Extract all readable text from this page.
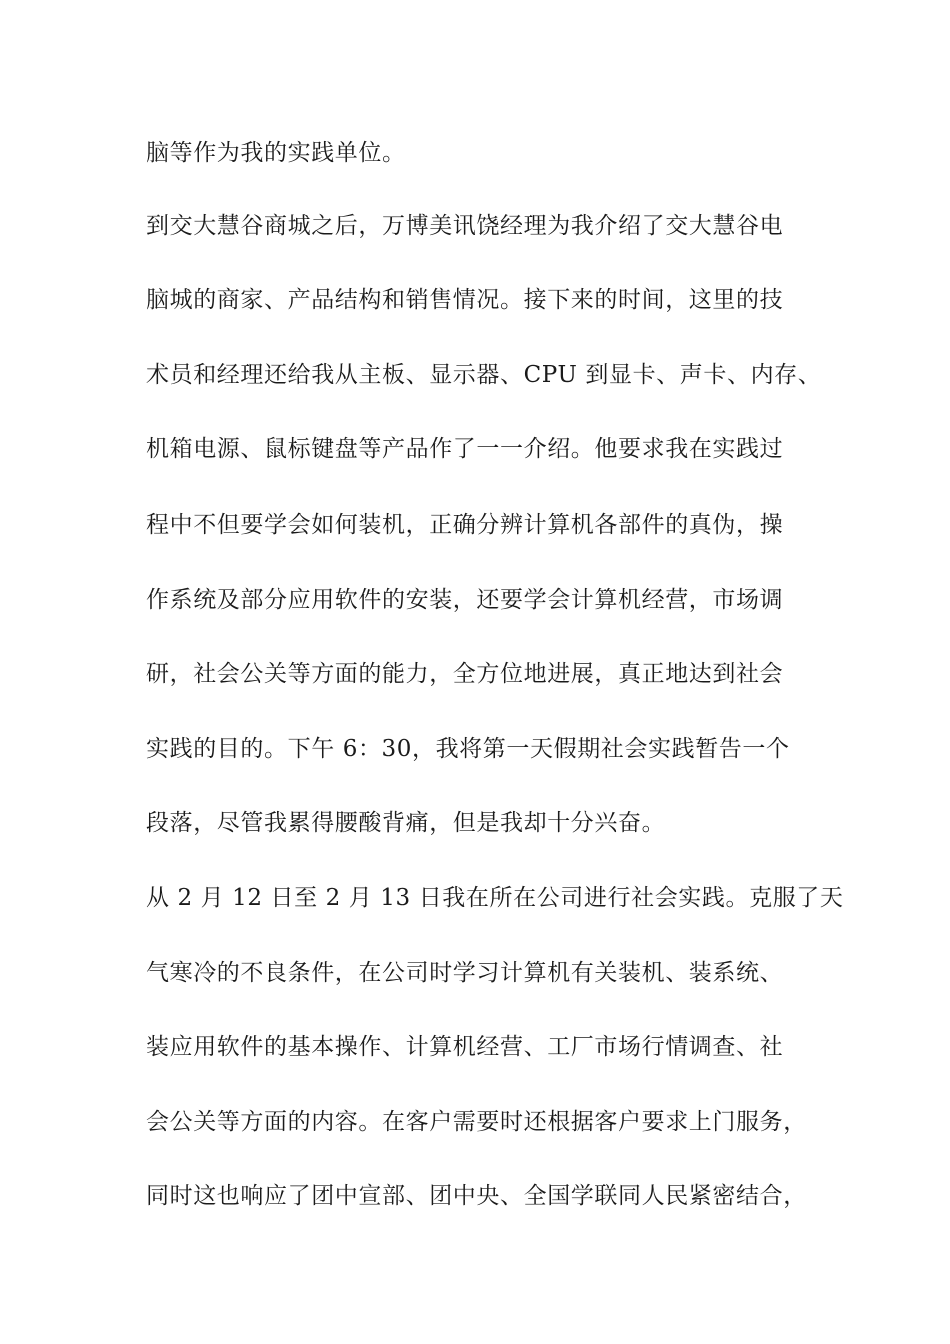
脑等作为我的实践单位。
到交大慧谷商城之后，万博美讯饶经理为我介绍了交大慧谷电
脑城的商家、产品结构和销售情况。接下来的时间，这里的技
术员和经理还给我从主板、显示器、CPU 到显卡、声卡、内存、
机箱电源、鼠标键盘等产品作了一一介绍。他要求我在实践过
程中不但要学会如何装机，正确分辨计算机各部件的真伪，操
作系统及部分应用软件的安装，还要学会计算机经营，市场调
研，社会公关等方面的能力，全方位地进展，真正地达到社会
实践的目的。下午 6：30，我将第一天假期社会实践暂告一个
段落，尽管我累得腰酸背痛，但是我却十分兴奋。
从 2 月 12 日至 2 月 13 日我在所在公司进行社会实践。克服了天
气寒冷的不良条件，在公司时学习计算机有关装机、装系统、
装应用软件的基本操作、计算机经营、工厂市场行情调查、社
会公关等方面的内容。在客户需要时还根据客户要求上门服务，
同时这也响应了团中宣部、团中央、全国学联同人民紧密结合，
